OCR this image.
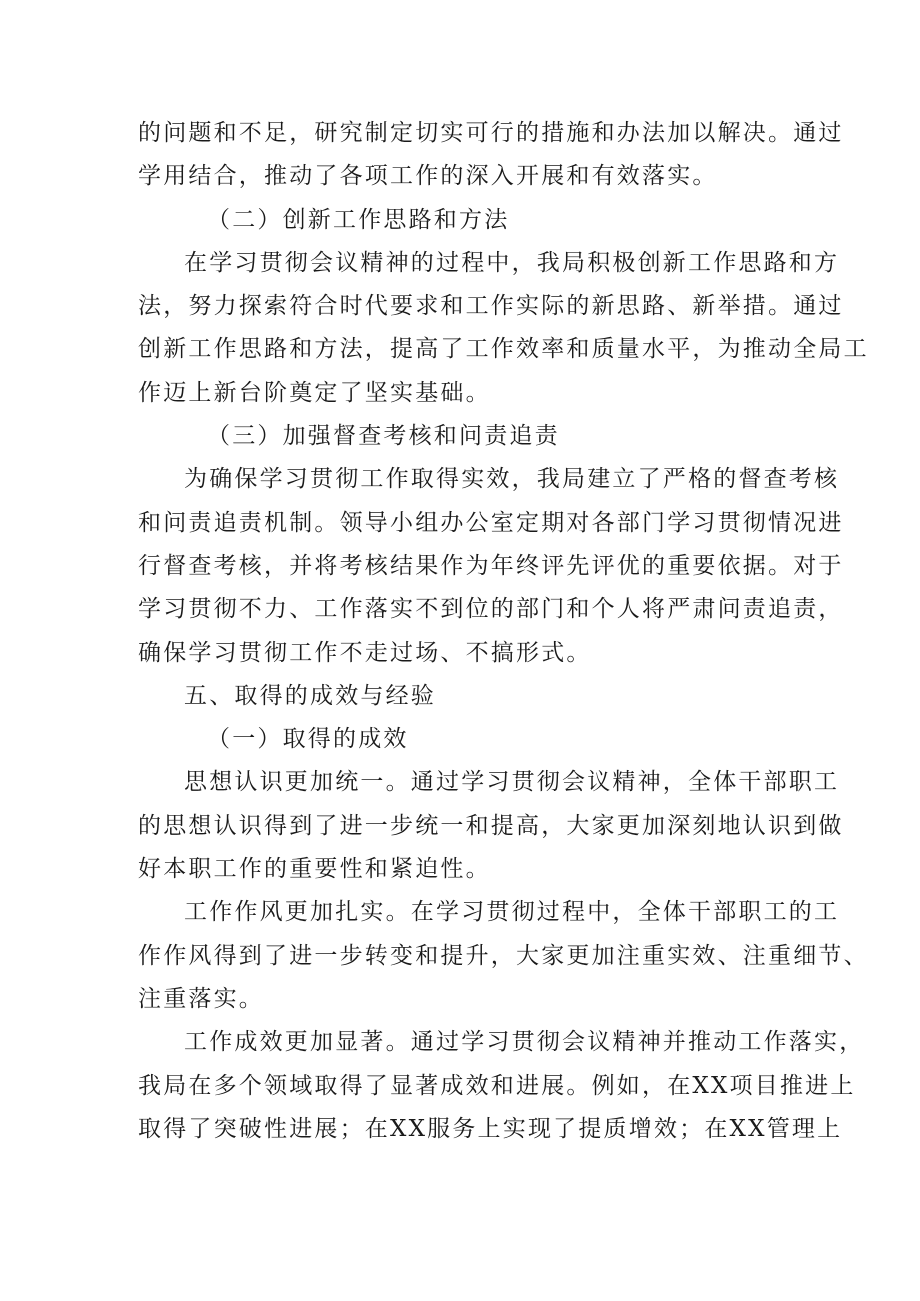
的问题和不足，研究制定切实可行的措施和办法加以解决。通过
学用结合，推动了各项工作的深入开展和有效落实。
（二）创新工作思路和方法
在学习贯彻会议精神的过程中，我局积极创新工作思路和方
法，努力探索符合时代要求和工作实际的新思路、新举措。通过
创新工作思路和方法，提高了工作效率和质量水平，为推动全局工
作迈上新台阶奠定了坚实基础。
（三）加强督查考核和问责追责
为确保学习贯彻工作取得实效，我局建立了严格的督查考核
和问责追责机制。领导小组办公室定期对各部门学习贯彻情况进
行督查考核，并将考核结果作为年终评先评优的重要依据。对于
学习贯彻不力、工作落实不到位的部门和个人将严肃问责追责，
确保学习贯彻工作不走过场、不搞形式。
五、取得的成效与经验
（一）取得的成效
思想认识更加统一。通过学习贯彻会议精神，全体干部职工
的思想认识得到了进一步统一和提高，大家更加深刻地认识到做
好本职工作的重要性和紧迫性。
工作作风更加扎实。在学习贯彻过程中，全体干部职工的工
作作风得到了进一步转变和提升，大家更加注重实效、注重细节、
注重落实。
工作成效更加显著。通过学习贯彻会议精神并推动工作落实，
我局在多个领域取得了显著成效和进展。例如，在XX项目推进上
取得了突破性进展；在XX服务上实现了提质增效；在XX管理上
